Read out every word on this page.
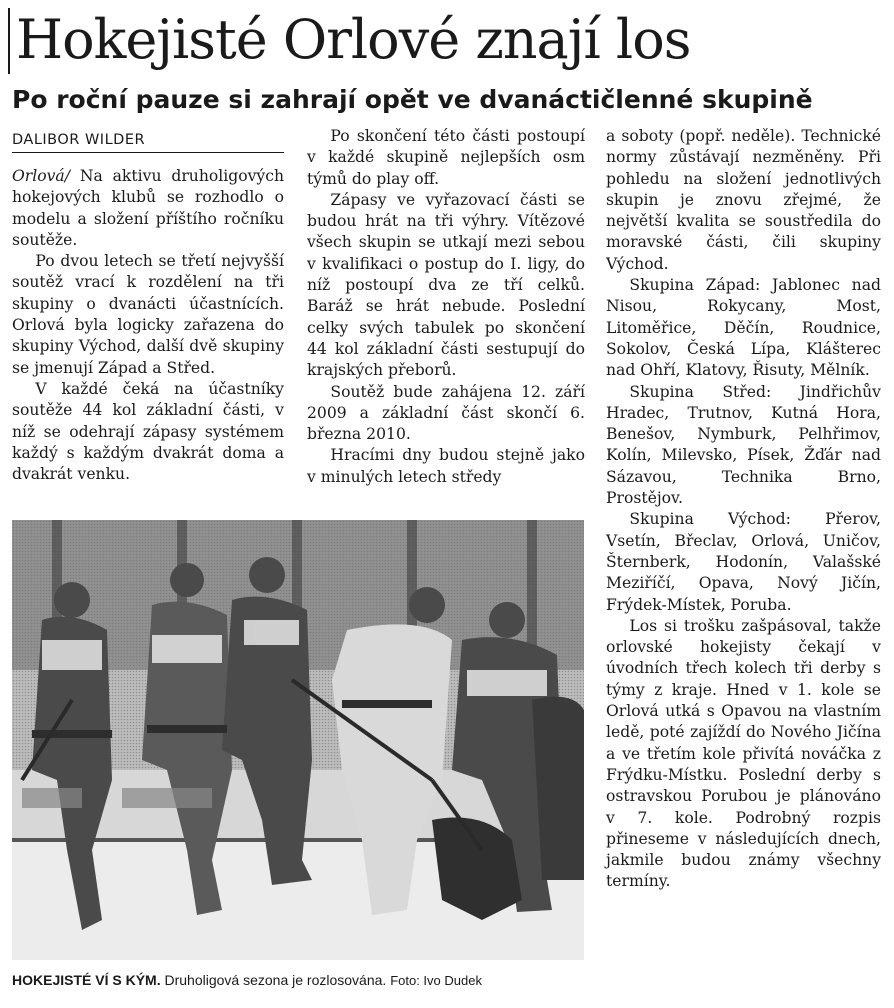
Hokejisté Orlové znají los
Po roční pauze si zahrají opět ve dvanáctičlenné skupině
DALIBOR WILDER

Orlová/ Na aktivu druholigových hokejových klubů se rozhodlo o modelu a složení příštího ročníku soutěže.

Po dvou letech se třetí nejvyšší soutěž vrací k rozdělení na tři skupiny o dvanácti účastnících. Orlová byla logicky zařazena do skupiny Východ, další dvě skupiny se jmenují Západ a Střed.

V každé čeká na účastníky soutěže 44 kol základní části, v níž se odehrají zápasy systémem každý s každým dvakrát doma a dvakrát venku.

Po skončení této části postoupí v každé skupině nejlepších osm týmů do play off.

Zápasy ve vyřazovací části se budou hrát na tři výhry. Vítězové všech skupin se utkají mezi sebou v kvalifikaci o postup do I. ligy, do níž postoupí dva ze tří celků. Baráž se hrát nebude. Poslední celky svých tabulek po skončení 44 kol základní části sestupují do krajských přeborů.

Soutěž bude zahájena 12. září 2009 a základní část skončí 6. března 2010.

Hracími dny budou stejně jako v minulých letech středy

a soboty (popř. neděle). Technické normy zůstávají nezměněny. Při pohledu na složení jednotlivých skupin je znovu zřejmé, že největší kvalita se soustředila do moravské části, čili skupiny Východ.

Skupina Západ: Jablonec nad Nisou, Rokycany, Most, Litoměřice, Děčín, Roudnice, Sokolov, Česká Lípa, Klášterec nad Ohří, Klatovy, Řisuty, Mělník.

Skupina Střed: Jindřichův Hradec, Trutnov, Kutná Hora, Benešov, Nymburk, Pelhřimov, Kolín, Milevsko, Písek, Žďár nad Sázavou, Technika Brno, Prostějov.

Skupina Východ: Přerov, Vsetín, Břeclav, Orlová, Uničov, Šternberk, Hodonín, Valašské Meziříčí, Opava, Nový Jičín, Frýdek-Místek, Poruba.

Los si trošku zašpásoval, takže orlovské hokejisty čekají v úvodních třech kolech tři derby s týmy z kraje. Hned v 1. kole se Orlová utká s Opavou na vlastním ledě, poté zajíždí do Nového Jičína a ve třetím kole přivítá nováčka z Frýdku-Místku. Poslední derby s ostravskou Porubou je plánováno v 7. kole. Podrobný rozpis přineseme v následujících dnech, jakmile budou známy všechny termíny.

HOKEJISTÉ VÍ S KÝM. Druholigová sezona je rozlosována. Foto: Ivo Dudek
